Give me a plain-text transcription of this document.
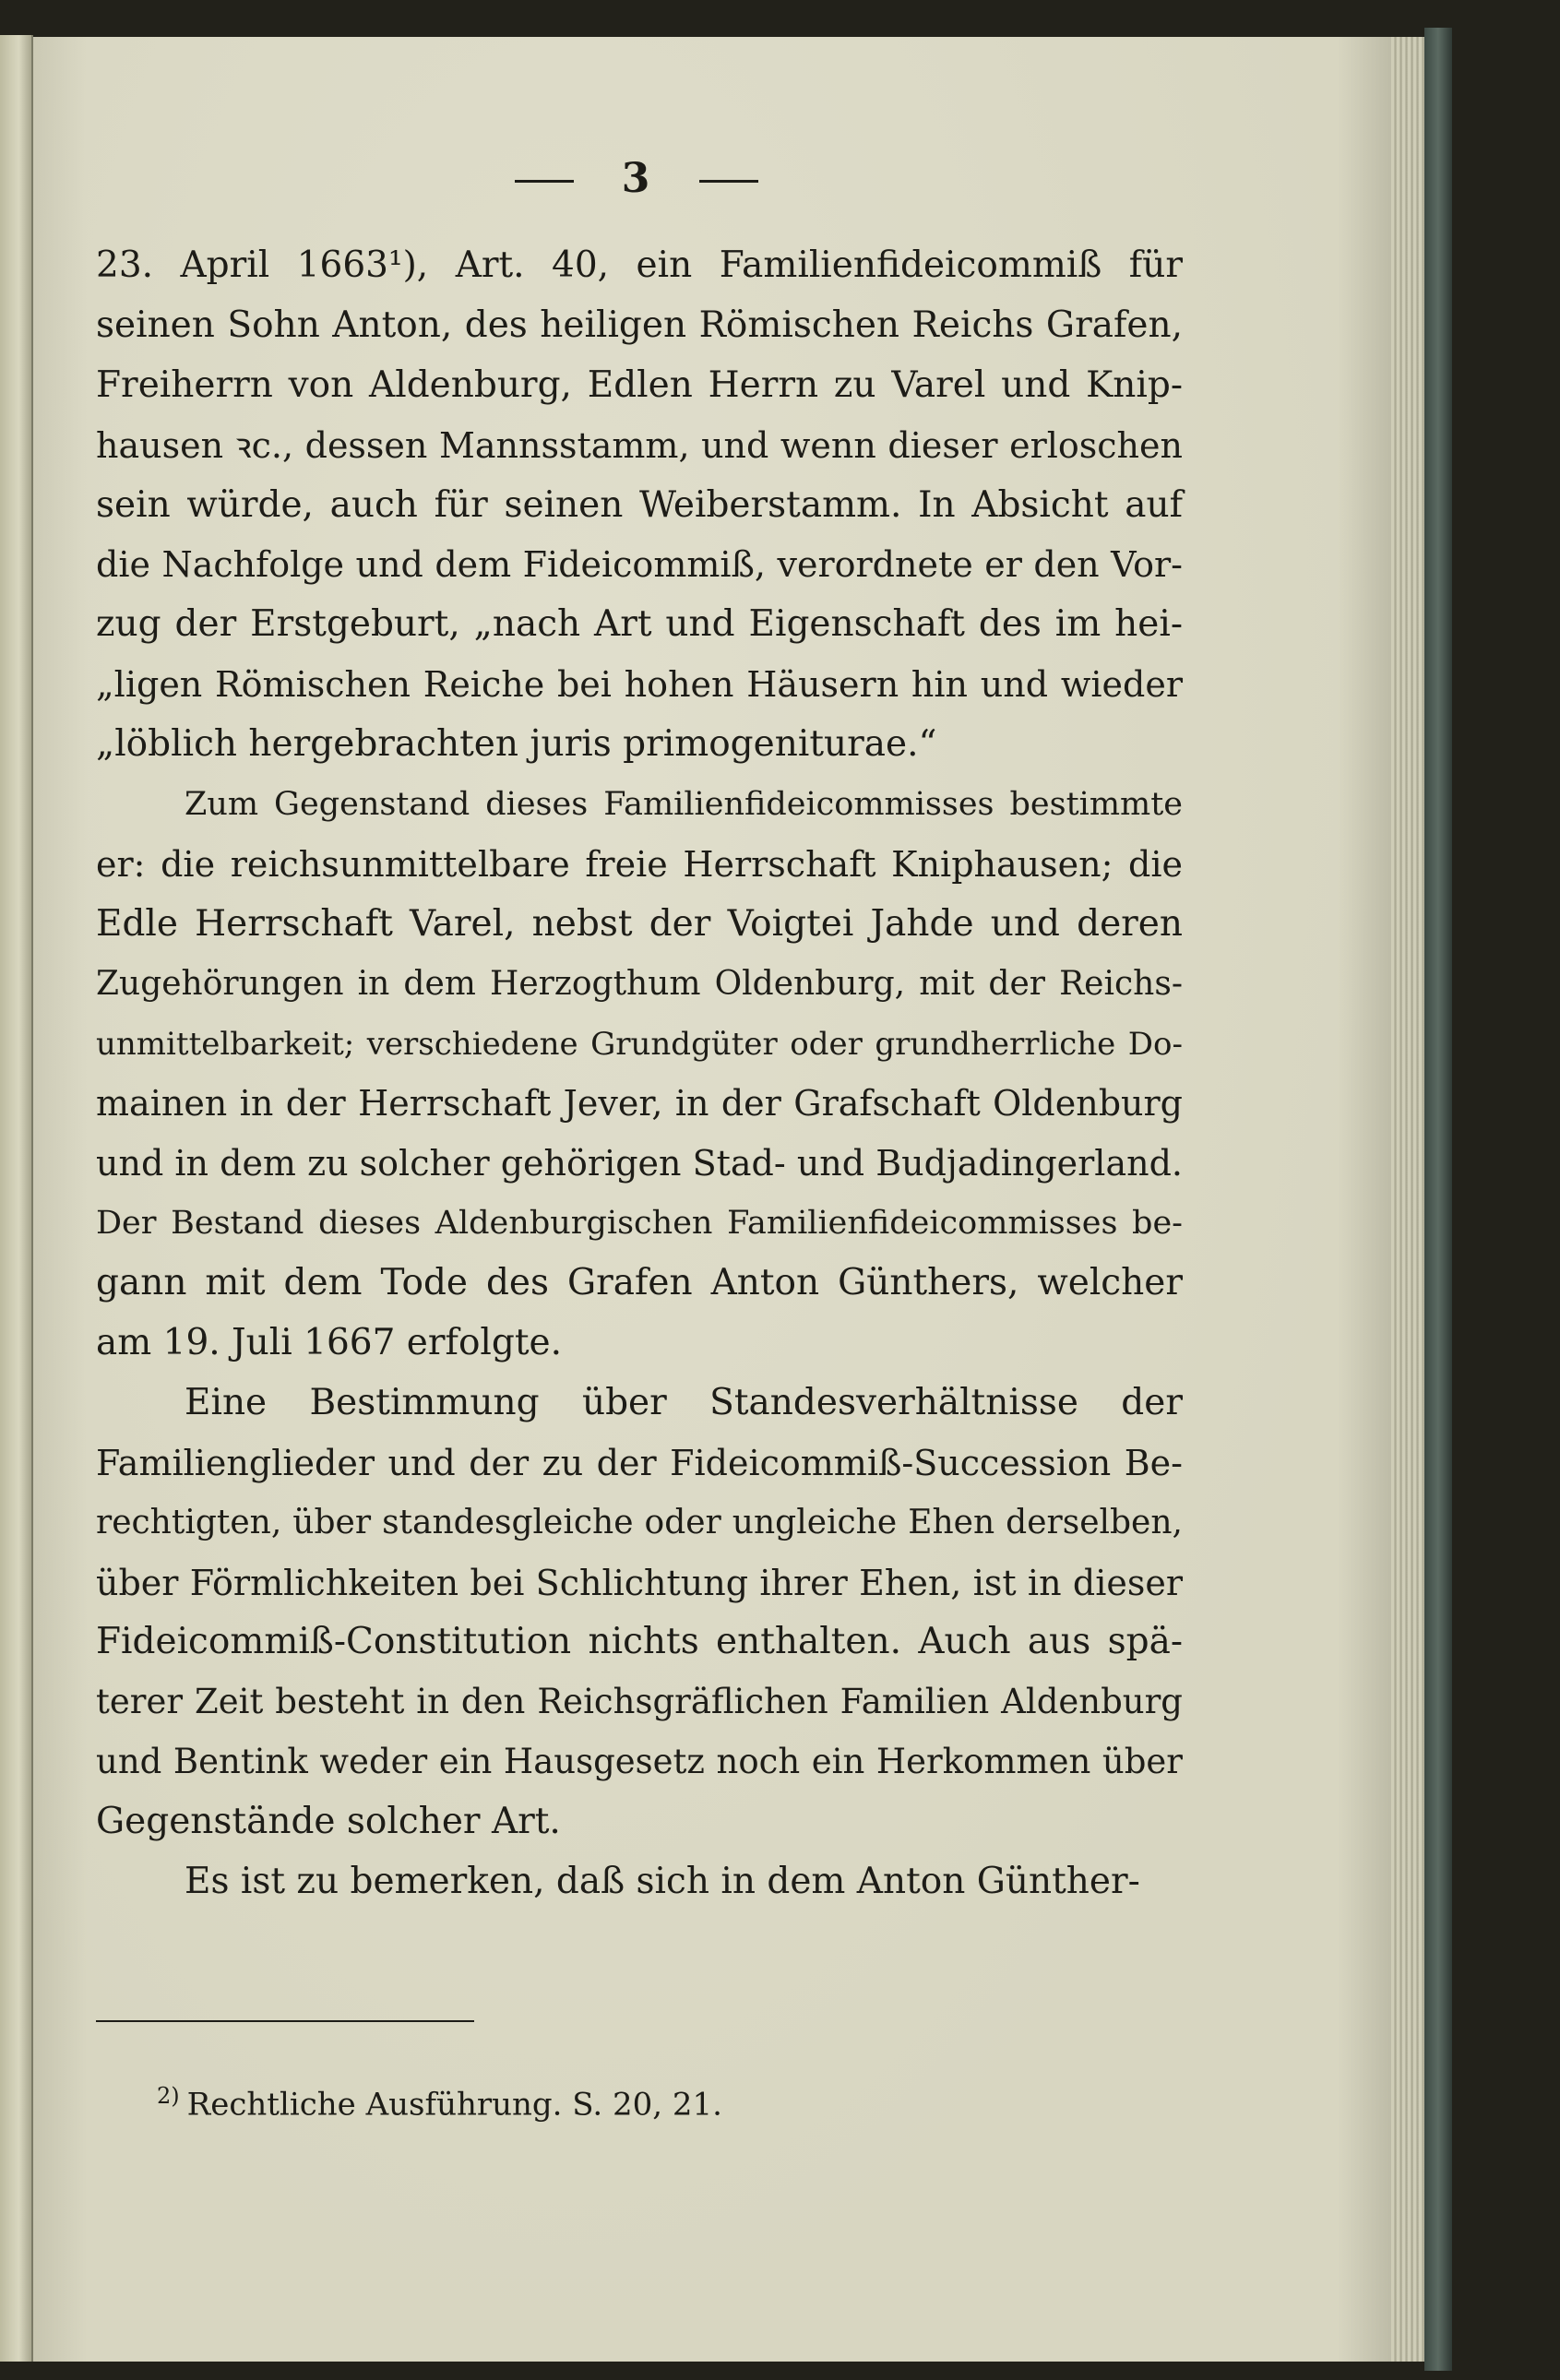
3
23. April 1663¹), Art. 40, ein Familienfideicommiß für
seinen Sohn Anton, des heiligen Römischen Reichs Grafen,
Freiherrn von Aldenburg, Edlen Herrn zu Varel und Knip-
hausen ꝛc., dessen Mannsstamm, und wenn dieser erloschen
sein würde, auch für seinen Weiberstamm. In Absicht auf
die Nachfolge und dem Fideicommiß, verordnete er den Vor-
zug der Erstgeburt, „nach Art und Eigenschaft des im hei-
„ligen Römischen Reiche bei hohen Häusern hin und wieder
„löblich hergebrachten juris primogeniturae.“
Zum Gegenstand dieses Familienfideicommisses bestimmte
er: die reichsunmittelbare freie Herrschaft Kniphausen; die
Edle Herrschaft Varel, nebst der Voigtei Jahde und deren
Zugehörungen in dem Herzogthum Oldenburg, mit der Reichs-
unmittelbarkeit; verschiedene Grundgüter oder grundherrliche Do-
mainen in der Herrschaft Jever, in der Grafschaft Oldenburg
und in dem zu solcher gehörigen Stad- und Budjadingerland.
Der Bestand dieses Aldenburgischen Familienfideicommisses be-
gann mit dem Tode des Grafen Anton Günthers, welcher
am 19. Juli 1667 erfolgte.
Eine Bestimmung über Standesverhältnisse der
Familienglieder und der zu der Fideicommiß-Succession Be-
rechtigten, über standesgleiche oder ungleiche Ehen derselben,
über Förmlichkeiten bei Schlichtung ihrer Ehen, ist in dieser
Fideicommiß-Constitution nichts enthalten. Auch aus spä-
terer Zeit besteht in den Reichsgräflichen Familien Aldenburg
und Bentink weder ein Hausgesetz noch ein Herkommen über
Gegenstände solcher Art.
Es ist zu bemerken, daß sich in dem Anton Günther-
$^{2)}$ Rechtliche Ausführung. S. 20, 21.
